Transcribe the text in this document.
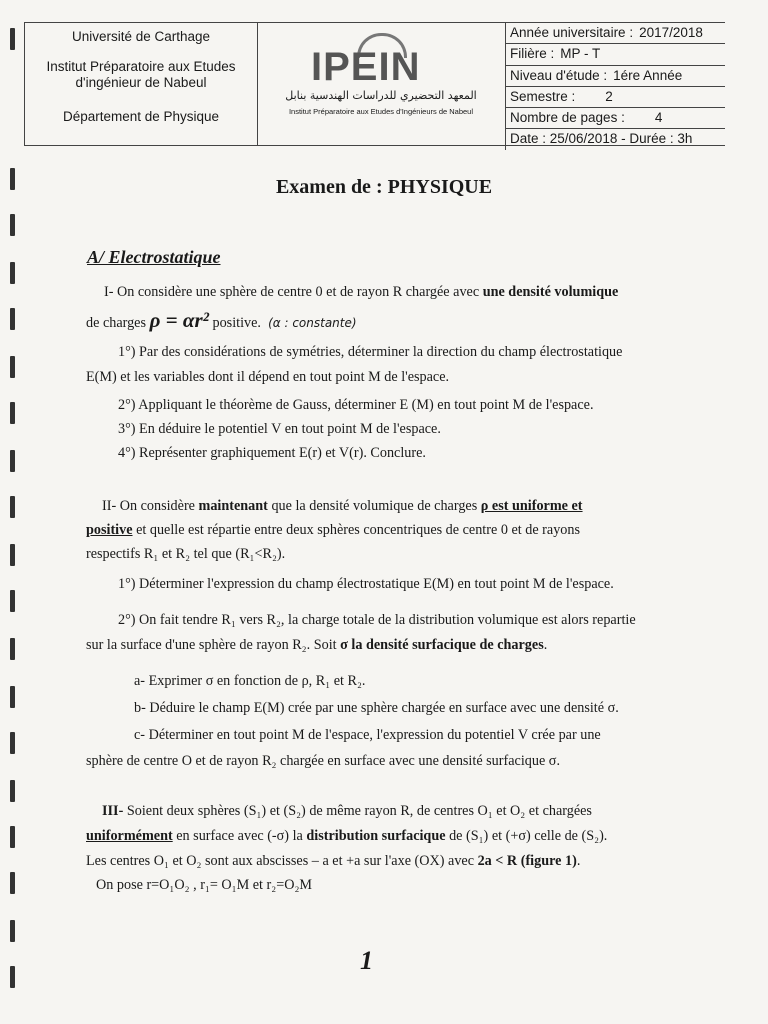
Université de Carthage
Institut Préparatoire aux Etudes
d'ingénieur de Nabeul
Département de Physique
IPEIN
المعهد التحضيري للدراسات الهندسية بنابل
Institut Préparatoire aux Etudes d'Ingénieurs de Nabeul
Année universitaire : 2017/2018
Filière : MP - T
Niveau d'étude : 1ére Année
Semestre : 2
Nombre de pages : 4
Date : 25/06/2018 - Durée : 3h
Examen de : PHYSIQUE
A/ Electrostatique
I- On considère une sphère de centre 0 et de rayon R chargée avec une densité volumique
de charges ρ = αr² positive. (α : constante)
1°) Par des considérations de symétries, déterminer la direction du champ électrostatique
E(M) et les variables dont il dépend en tout point M de l'espace.
2°) Appliquant le théorème de Gauss, déterminer E (M) en tout point M de l'espace.
3°) En déduire le potentiel V en tout point M de l'espace.
4°) Représenter graphiquement E(r) et V(r). Conclure.
II- On considère maintenant que la densité volumique de charges ρ est uniforme et
positive et quelle est répartie entre deux sphères concentriques de centre 0 et de rayons
respectifs R₁ et R₂ tel que (R₁<R₂).
1°) Déterminer l'expression du champ électrostatique E(M) en tout point M de l'espace.
2°) On fait tendre R₁ vers R₂, la charge totale de la distribution volumique est alors repartie
sur la surface d'une sphère de rayon R₂. Soit σ la densité surfacique de charges.
a- Exprimer σ en fonction de ρ, R₁ et R₂.
b- Déduire le champ E(M) crée par une sphère chargée en surface avec une densité σ.
c- Déterminer en tout point M de l'espace, l'expression du potentiel V crée par une
sphère de centre O et de rayon R₂ chargée en surface avec une densité surfacique σ.
III- Soient deux sphères (S₁) et (S₂) de même rayon R, de centres O₁ et O₂ et chargées
uniformément en surface avec (-σ) la distribution surfacique de (S₁) et (+σ) celle de (S₂).
Les centres O₁ et O₂ sont aux abscisses – a et +a sur l'axe (OX) avec 2a < R (figure 1).
On pose r=O₁O₂ , r₁= O₁M et r₂=O₂M
1
